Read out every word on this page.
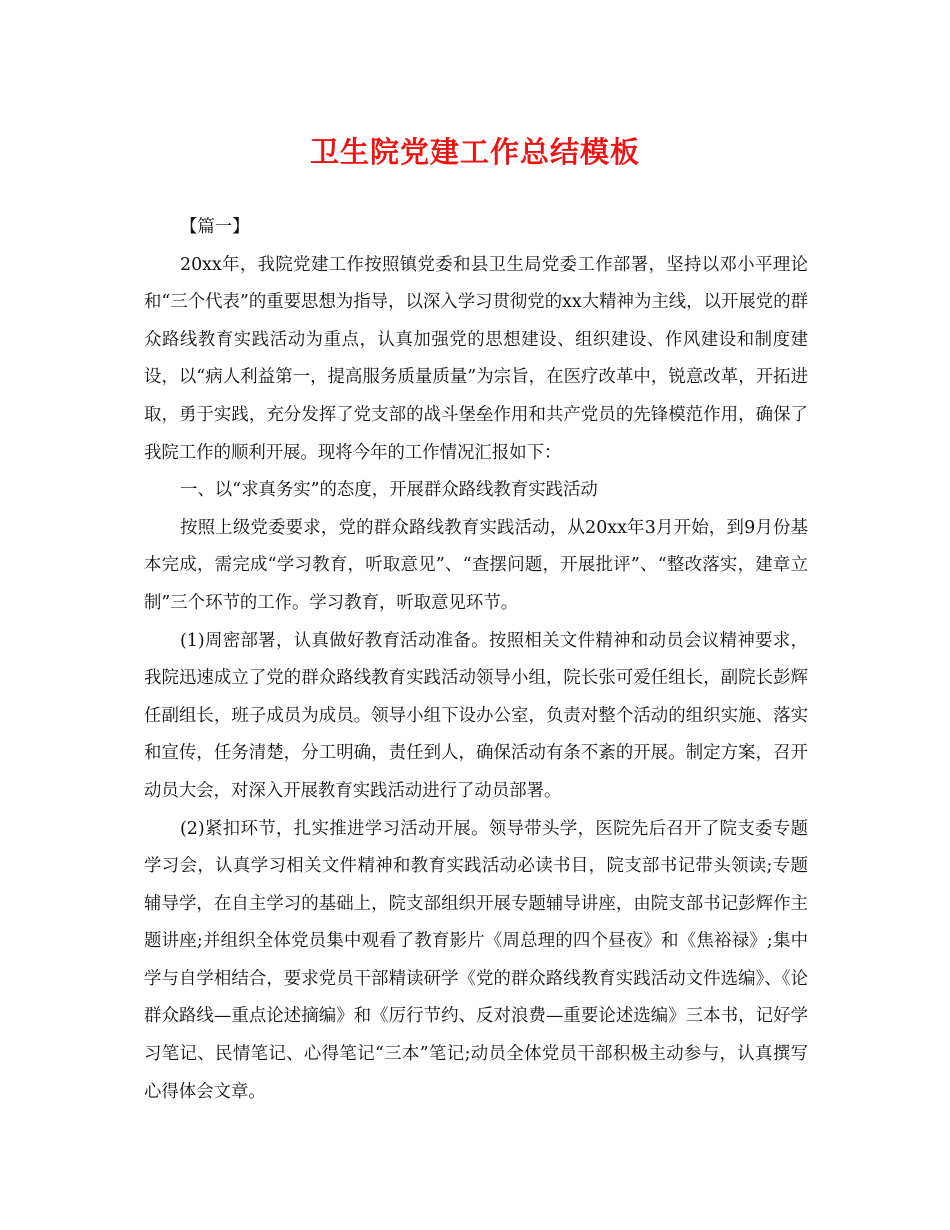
卫生院党建工作总结模板

【篇一】

20xx年，我院党建工作按照镇党委和县卫生局党委工作部署，坚持以邓小平理论和“三个代表”的重要思想为指导，以深入学习贯彻党的xx大精神为主线，以开展党的群众路线教育实践活动为重点，认真加强党的思想建设、组织建设、作风建设和制度建设，以“病人利益第一，提高服务质量质量”为宗旨，在医疗改革中，锐意改革，开拓进取，勇于实践，充分发挥了党支部的战斗堡垒作用和共产党员的先锋模范作用，确保了我院工作的顺利开展。现将今年的工作情况汇报如下：

一、以“求真务实”的态度，开展群众路线教育实践活动

按照上级党委要求，党的群众路线教育实践活动，从20xx年3月开始，到9月份基本完成，需完成“学习教育，听取意见”、“查摆问题，开展批评”、“整改落实，建章立制”三个环节的工作。学习教育，听取意见环节。

(1)周密部署，认真做好教育活动准备。按照相关文件精神和动员会议精神要求，我院迅速成立了党的群众路线教育实践活动领导小组，院长张可爱任组长，副院长彭辉任副组长，班子成员为成员。领导小组下设办公室，负责对整个活动的组织实施、落实和宣传，任务清楚，分工明确，责任到人，确保活动有条不紊的开展。制定方案，召开动员大会，对深入开展教育实践活动进行了动员部署。

(2)紧扣环节，扎实推进学习活动开展。领导带头学，医院先后召开了院支委专题学习会，认真学习相关文件精神和教育实践活动必读书目，院支部书记带头领读;专题辅导学，在自主学习的基础上，院支部组织开展专题辅导讲座，由院支部书记彭辉作主题讲座;并组织全体党员集中观看了教育影片《周总理的四个昼夜》和《焦裕禄》;集中学与自学相结合，要求党员干部精读研学《党的群众路线教育实践活动文件选编》、《论群众路线—重点论述摘编》和《厉行节约、反对浪费—重要论述选编》三本书，记好学习笔记、民情笔记、心得笔记“三本”笔记;动员全体党员干部积极主动参与，认真撰写心得体会文章。
